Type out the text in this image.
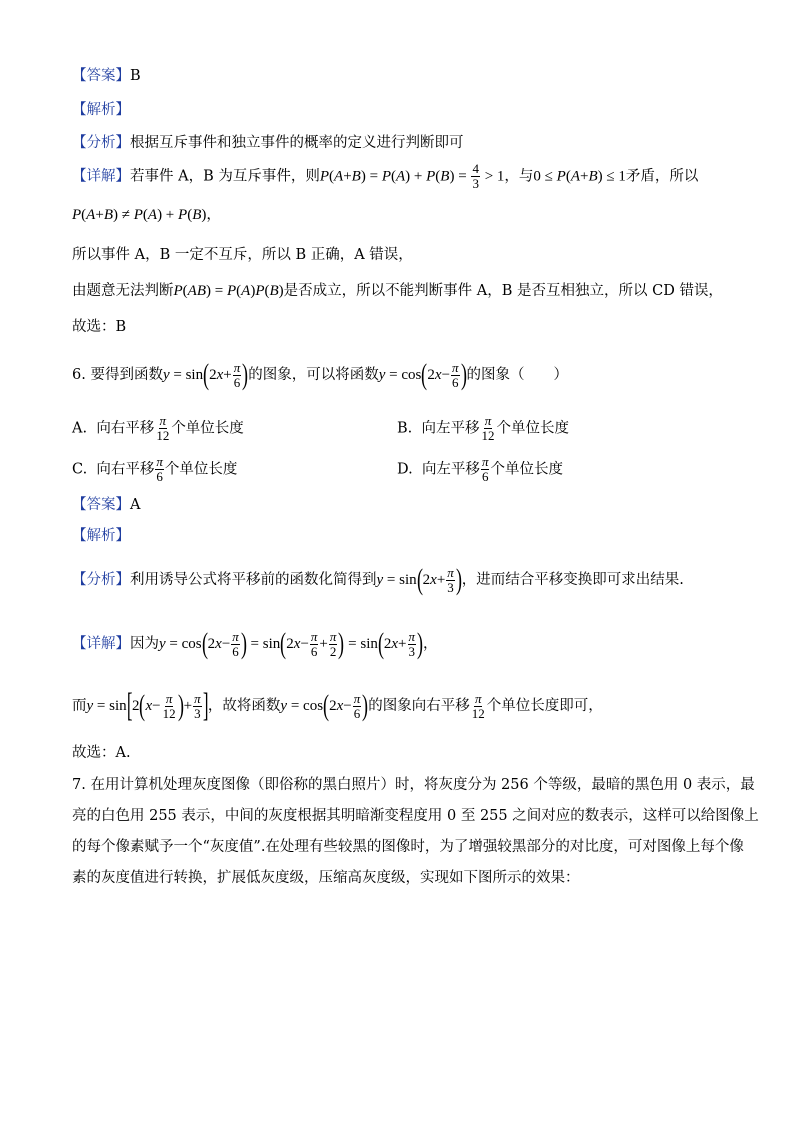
【答案】B
【解析】
【分析】根据互斥事件和独立事件的概率的定义进行判断即可
【详解】若事件 A，B 为互斥事件，则$P(A+B) = P(A) + P(B) = \frac{4}{3} > 1$，与0 ≤ P(A+B) ≤ 1矛盾，所以
P(A+B) ≠ P(A) + P(B)，
所以事件 A，B 一定不互斥，所以 B 正确，A 错误，
由题意无法判断P(AB) = P(A)P(B)是否成立，所以不能判断事件 A，B 是否互相独立，所以 CD 错误，
故选：B
6. 要得到函数$y = \sin(2x+ \frac{\pi}{6}$ )的图象，可以将函数$y = \cos(2x- \frac{\pi}{6}$ )的图象（　　）
A. 向右平移 $\frac{\pi}{12}$ 个单位长度	B. 向左平移 $\frac{\pi}{12}$ 个单位长度
C. 向右平移 $\frac{\pi}{6}$ 个单位长度	D. 向左平移 $\frac{\pi}{6}$ 个单位长度
【答案】A
【解析】
【分析】利用诱导公式将平移前的函数化简得到$y = \sin(2x+ \frac{\pi}{3}$ )，进而结合平移变换即可求出结果.
【详解】因为$y = \cos(2x- \frac{\pi}{6}$ ) = $\sin(2x- \frac{\pi}{6} + \frac{\pi}{2}$ ) = $\sin(2x+ \frac{\pi}{3}$ )，
而$y = \sin[2(x- \frac{\pi}{12}$ )+ $\frac{\pi}{3}$ ]，故将函数$y = \cos(2x- \frac{\pi}{6}$ )的图象向右平移 $\frac{\pi}{12}$ 个单位长度即可，
故选：A.
7. 在用计算机处理灰度图像（即俗称的黑白照片）时，将灰度分为 256 个等级，最暗的黑色用 0 表示，最
亮的白色用 255 表示，中间的灰度根据其明暗渐变程度用 0 至 255 之间对应的数表示，这样可以给图像上
的每个像素赋予一个“灰度值”.在处理有些较黑的图像时，为了增强较黑部分的对比度，可对图像上每个像
素的灰度值进行转换，扩展低灰度级，压缩高灰度级，实现如下图所示的效果：
